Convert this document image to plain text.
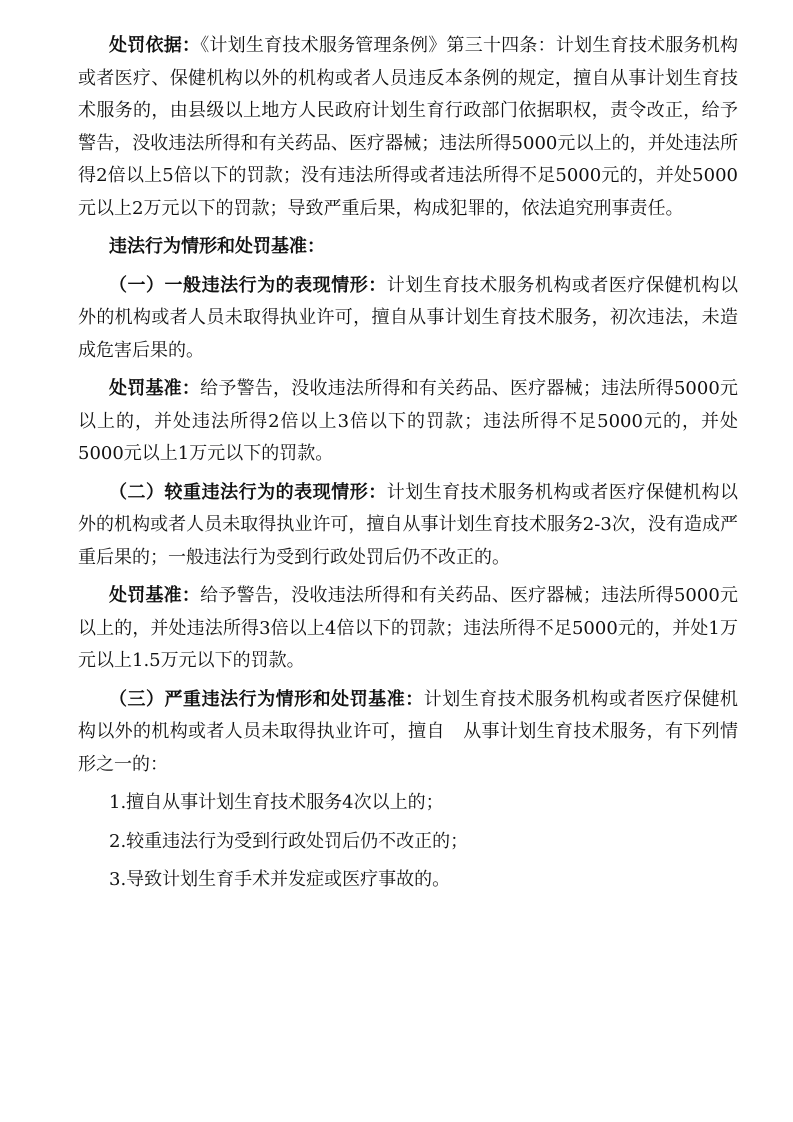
处罚依据：《计划生育技术服务管理条例》第三十四条：计划生育技术服务机构或者医疗、保健机构以外的机构或者人员违反本条例的规定，擅自从事计划生育技术服务的，由县级以上地方人民政府计划生育行政部门依据职权，责令改正，给予警告，没收违法所得和有关药品、医疗器械；违法所得5000元以上的，并处违法所得2倍以上5倍以下的罚款；没有违法所得或者违法所得不足5000元的，并处5000元以上2万元以下的罚款；导致严重后果，构成犯罪的，依法追究刑事责任。

违法行为情形和处罚基准：

（一）一般违法行为的表现情形：计划生育技术服务机构或者医疗保健机构以外的机构或者人员未取得执业许可，擅自从事计划生育技术服务，初次违法，未造成危害后果的。

处罚基准：给予警告，没收违法所得和有关药品、医疗器械；违法所得5000元以上的，并处违法所得2倍以上3倍以下的罚款；违法所得不足5000元的，并处5000元以上1万元以下的罚款。

（二）较重违法行为的表现情形：计划生育技术服务机构或者医疗保健机构以外的机构或者人员未取得执业许可，擅自从事计划生育技术服务2-3次，没有造成严重后果的；一般违法行为受到行政处罚后仍不改正的。

处罚基准：给予警告，没收违法所得和有关药品、医疗器械；违法所得5000元以上的，并处违法所得3倍以上4倍以下的罚款；违法所得不足5000元的，并处1万元以上1.5万元以下的罚款。

（三）严重违法行为情形和处罚基准：计划生育技术服务机构或者医疗保健机构以外的机构或者人员未取得执业许可，擅自　从事计划生育技术服务，有下列情形之一的：

1.擅自从事计划生育技术服务4次以上的；

2.较重违法行为受到行政处罚后仍不改正的；

3.导致计划生育手术并发症或医疗事故的。
